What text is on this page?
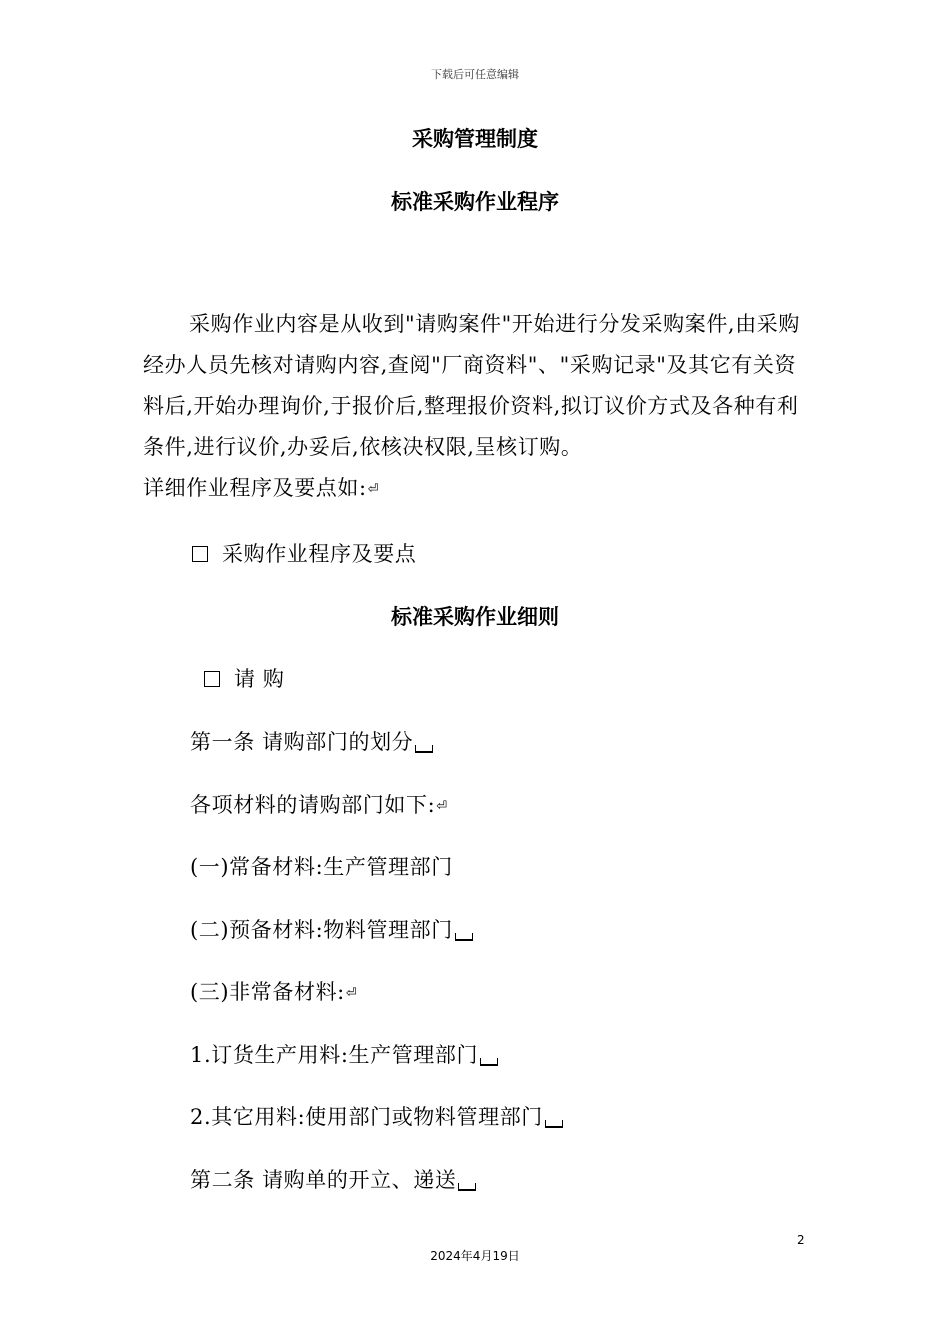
下载后可任意编辑
采购管理制度
标准采购作业程序
采购作业内容是从收到"请购案件"开始进行分发采购案件,由采购经办人员先核对请购内容,查阅"厂商资料"、"采购记录"及其它有关资料后,开始办理询价,于报价后,整理报价资料,拟订议价方式及各种有利条件,进行议价,办妥后,依核决权限,呈核订购。
详细作业程序及要点如:⏎
采购作业程序及要点
标准采购作业细则
请 购
第一条 请购部门的划分
各项材料的请购部门如下:⏎
(一)常备材料:生产管理部门
(二)预备材料:物料管理部门
(三)非常备材料:⏎
1.订货生产用料:生产管理部门
2.其它用料:使用部门或物料管理部门
第二条 请购单的开立、递送
2
2024年4月19日
